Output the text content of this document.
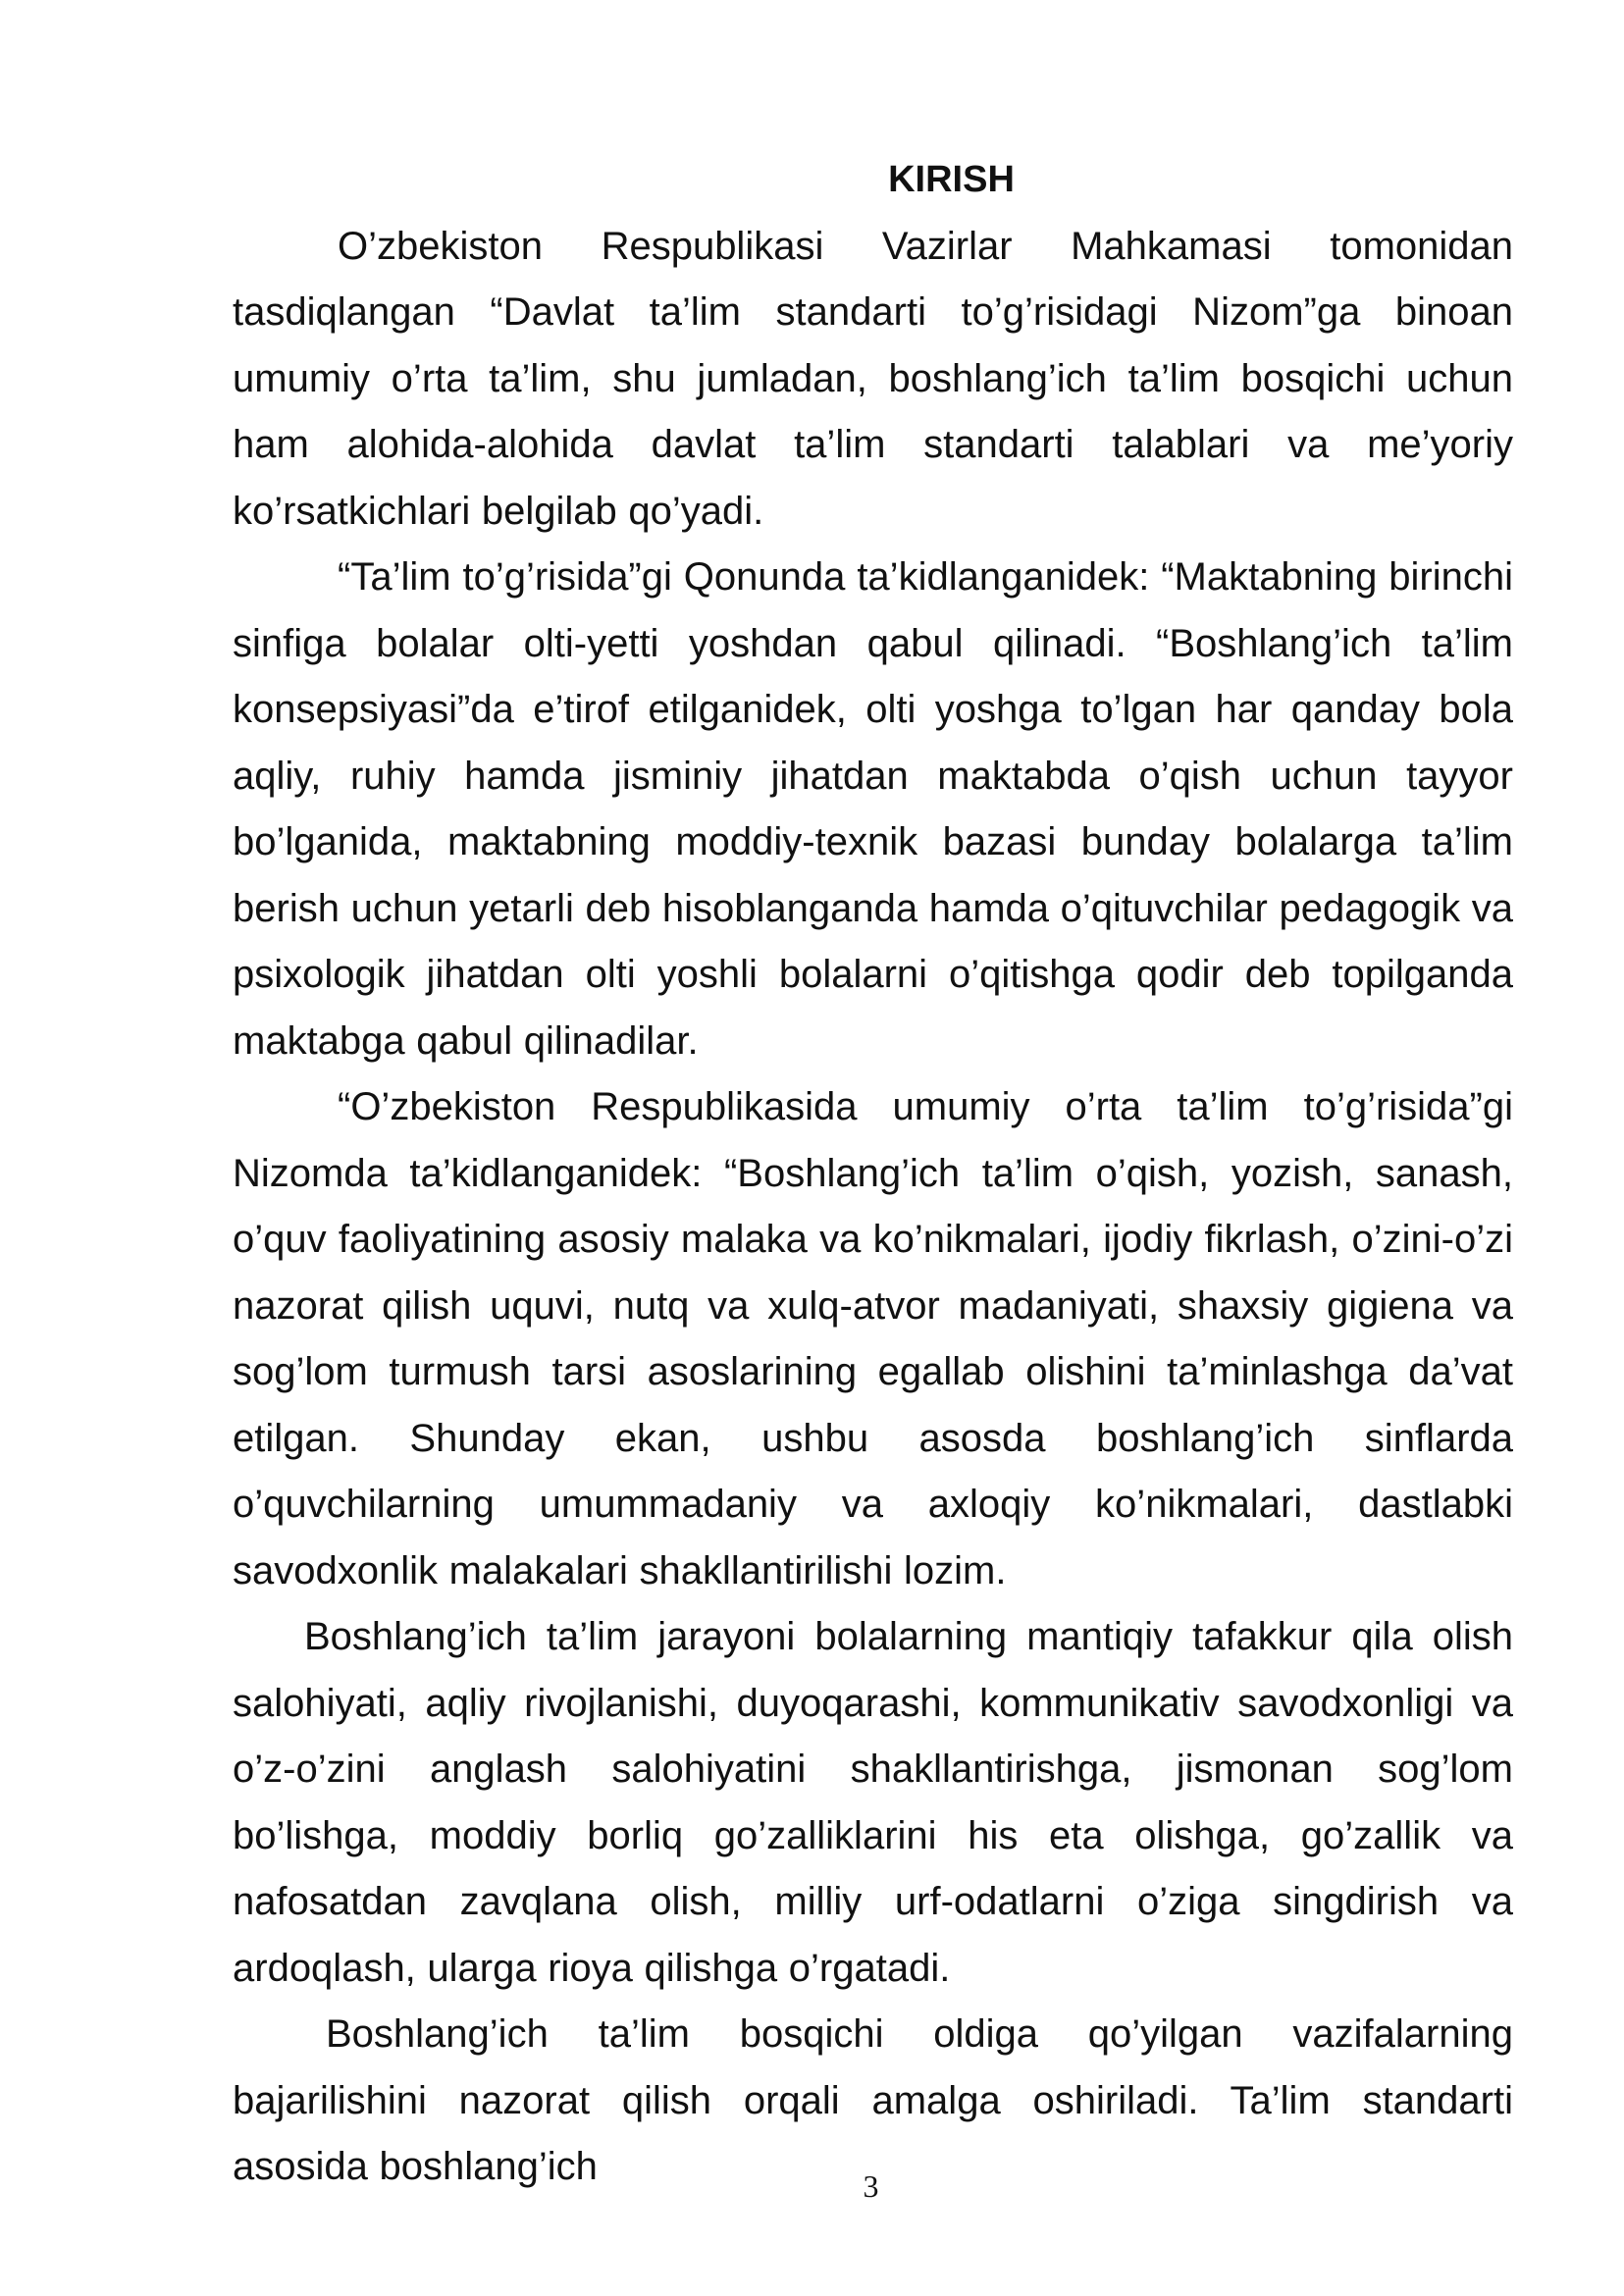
KIRISH

O’zbekiston Respublikasi Vazirlar Mahkamasi tomonidan tasdiqlangan “Davlat ta’lim standarti to’g’risidagi Nizom”ga binoan umumiy o’rta ta’lim, shu jumladan, boshlang’ich ta’lim bosqichi uchun ham alohida-alohida davlat ta’lim standarti talablari va me’yoriy ko’rsatkichlari belgilab qo’yadi.

“Ta’lim to’g’risida”gi Qonunda ta’kidlanganidek: “Maktabning birinchi sinfiga bolalar olti-yetti yoshdan qabul qilinadi. “Boshlang’ich ta’lim konsepsiyasi”da e’tirof etilganidek, olti yoshga to’lgan har qanday bola aqliy, ruhiy hamda jisminiy jihatdan maktabda o’qish uchun tayyor bo’lganida, maktabning moddiy-texnik bazasi bunday bolalarga ta’lim berish uchun yetarli deb hisoblanganda hamda o’qituvchilar pedagogik va psixologik jihatdan olti yoshli bolalarni o’qitishga qodir deb topilganda maktabga qabul qilinadilar.

“O’zbekiston Respublikasida umumiy o’rta ta’lim to’g’risida”gi Nizomda ta’kidlanganidek: “Boshlang’ich ta’lim o’qish, yozish, sanash, o’quv faoliyatining asosiy malaka va ko’nikmalari, ijodiy fikrlash, o’zini-o’zi nazorat qilish uquvi, nutq va xulq-atvor madaniyati, shaxsiy gigiena va sog’lom turmush tarsi asoslarining egallab olishini ta’minlashga da’vat etilgan. Shunday ekan, ushbu asosda boshlang’ich sinflarda o’quvchilarning umummadaniy va axloqiy ko’nikmalari, dastlabki savodxonlik malakalari shakllantirilishi lozim.

Boshlang’ich ta’lim jarayoni bolalarning mantiqiy tafakkur qila olish salohiyati, aqliy rivojlanishi, duyoqarashi, kommunikativ savodxonligi va o’z-o’zini anglash salohiyatini shakllantirishga, jismonan sog’lom bo’lishga, moddiy borliq go’zalliklarini his eta olishga, go’zallik va nafosatdan zavqlana olish, milliy urf-odatlarni o’ziga singdirish va ardoqlash, ularga rioya qilishga o’rgatadi.

Boshlang’ich ta’lim bosqichi oldiga qo’yilgan vazifalarning bajarilishini nazorat qilish orqali amalga oshiriladi. Ta’lim standarti asosida boshlang’ich	3
